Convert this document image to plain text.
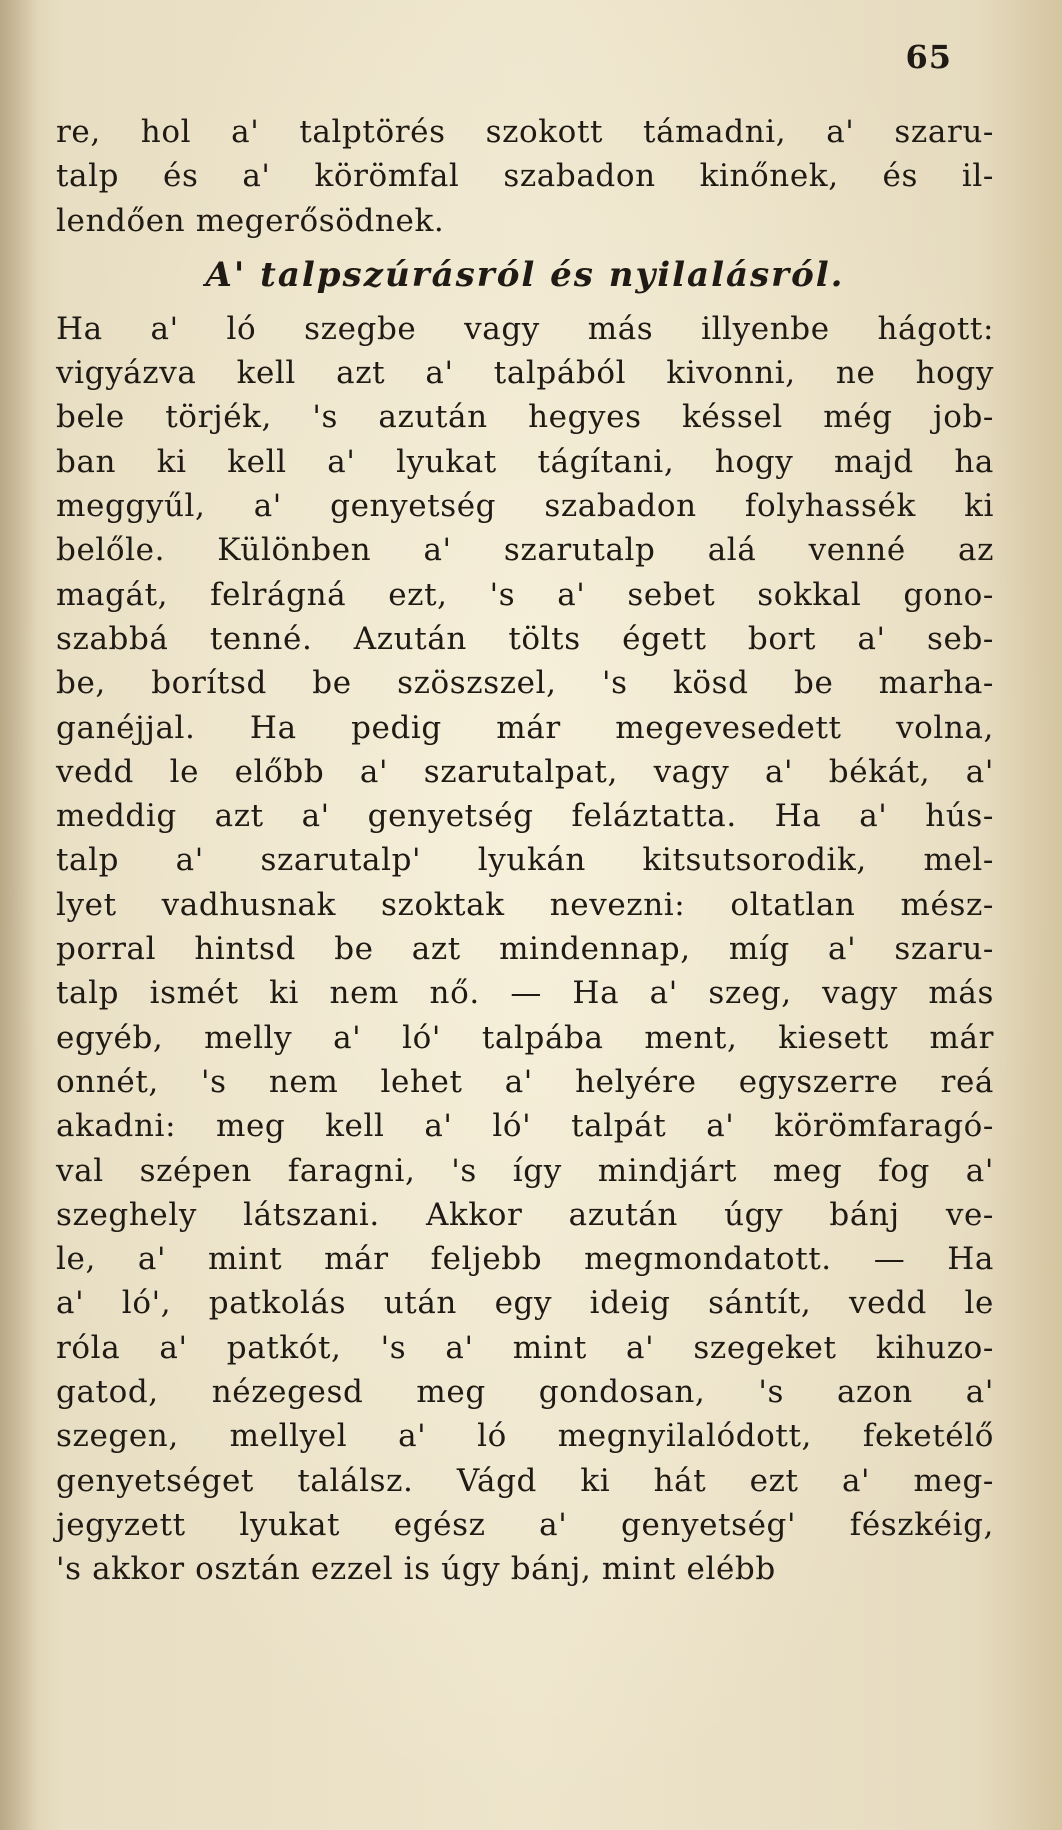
65
re, hol a' talptörés szokott támadni, a' szaru-
talp és a' körömfal szabadon kinőnek, és il-
lendően megerősödnek.
A' talpszúrásról és nyilalásról.
Ha a' ló szegbe vagy más illyenbe hágott:
vigyázva kell azt a' talpából kivonni, ne hogy
bele törjék, 's azután hegyes késsel még job-
ban ki kell a' lyukat tágítani, hogy majd ha
meggyűl, a' genyetség szabadon folyhassék ki
belőle. Különben a' szarutalp alá venné az
magát, felrágná ezt, 's a' sebet sokkal gono-
szabbá tenné. Azután tölts égett bort a' seb-
be, borítsd be szöszszel, 's kösd be marha-
ganéjjal. Ha pedig már megevesedett volna,
vedd le előbb a' szarutalpat, vagy a' békát, a'
meddig azt a' genyetség feláztatta. Ha a' hús-
talp a' szarutalp' lyukán kitsutsorodik, mel-
lyet vadhusnak szoktak nevezni: oltatlan mész-
porral hintsd be azt mindennap, míg a' szaru-
talp ismét ki nem nő. — Ha a' szeg, vagy más
egyéb, melly a' ló' talpába ment, kiesett már
onnét, 's nem lehet a' helyére egyszerre reá
akadni: meg kell a' ló' talpát a' körömfaragó-
val szépen faragni, 's így mindjárt meg fog a'
szeghely látszani. Akkor azután úgy bánj ve-
le, a' mint már feljebb megmondatott. — Ha
a' ló', patkolás után egy ideig sántít, vedd le
róla a' patkót, 's a' mint a' szegeket kihuzo-
gatod, nézegesd meg gondosan, 's azon a'
szegen, mellyel a' ló megnyilalódott, feketélő
genyetséget találsz. Vágd ki hát ezt a' meg-
jegyzett lyukat egész a' genyetség' fészkéig,
's akkor osztán ezzel is úgy bánj, mint elébb
